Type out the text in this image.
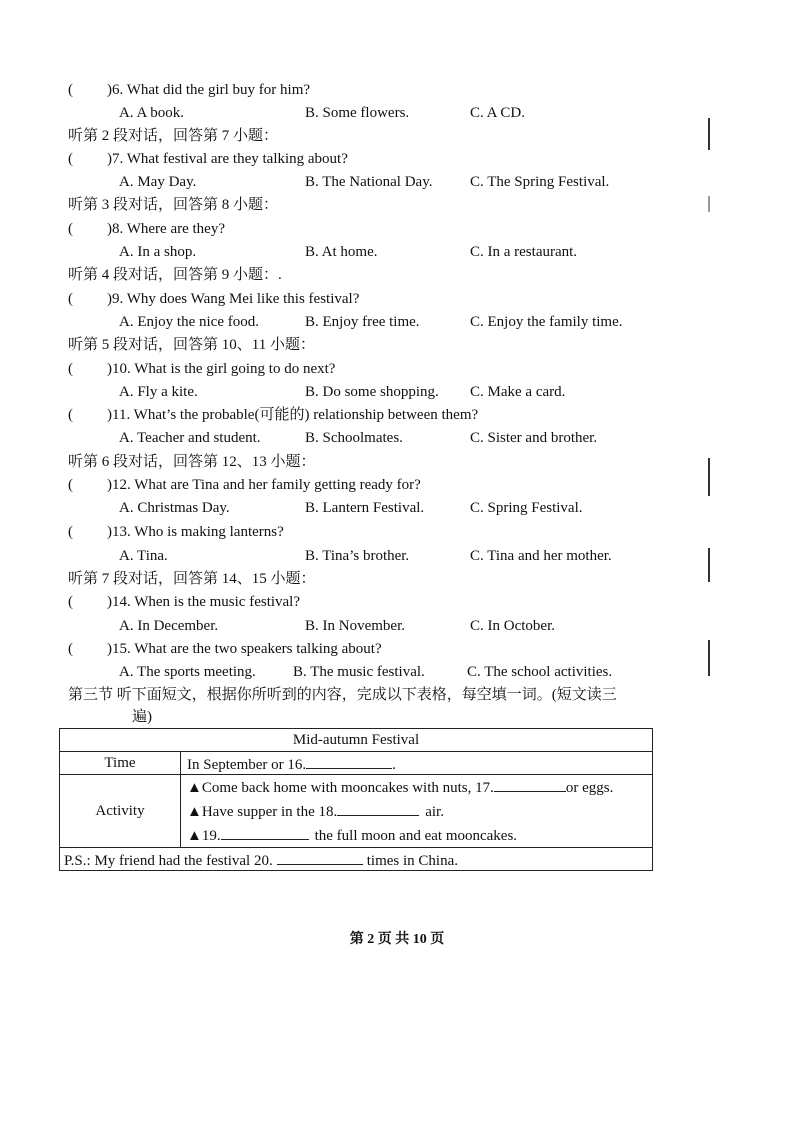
( )6. What did the girl buy for him?
A. A book.	B. Some flowers.	C. A CD.
听第 2 段对话，回答第 7 小题：
( )7. What festival are they talking about?
A. May Day.	B. The National Day.	C. The Spring Festival.
听第 3 段对话，回答第 8 小题：
( )8. Where are they?
A. In a shop.	B. At home.	C. In a restaurant.
听第 4 段对话，回答第 9 小题：.
( )9. Why does Wang Mei like this festival?
A. Enjoy the nice food.	B. Enjoy free time.	C. Enjoy the family time.
听第 5 段对话，回答第 10、11 小题：
( )10. What is the girl going to do next?
A. Fly a kite.	B. Do some shopping. C. Make a card.
( )11. What’s the probable(可能的) relationship between them?
A. Teacher and student.	B. Schoolmates.	C. Sister and brother.
听第 6 段对话，回答第 12、13 小题：
( )12. What are Tina and her family getting ready for?
A. Christmas Day.	B. Lantern Festival.	C. Spring Festival.
( )13. Who is making lanterns?
A. Tina.	B. Tina’s brother.	C. Tina and her mother.
听第 7 段对话，回答第 14、15 小题：
( )14. When is the music festival?
A. In December.	B. In November.	C. In October.
( )15. What are the two speakers talking about?
A. The sports meeting. B. The music festival.	C. The school activities.
第三节 听下面短文，根据你所听到的内容，完成以下表格，每空填一词。(短文读三
遍)
Mid-autumn Festival	
Time	In September or 16. .
Activity	▲Come back home with mooncakes with nuts, 17. or eggs.
▲Have supper in the 18. air.
▲19. the full moon and eat mooncakes.

P.S.: My friend had the festival 20. times in China.	
第 2 页 共 10 页
